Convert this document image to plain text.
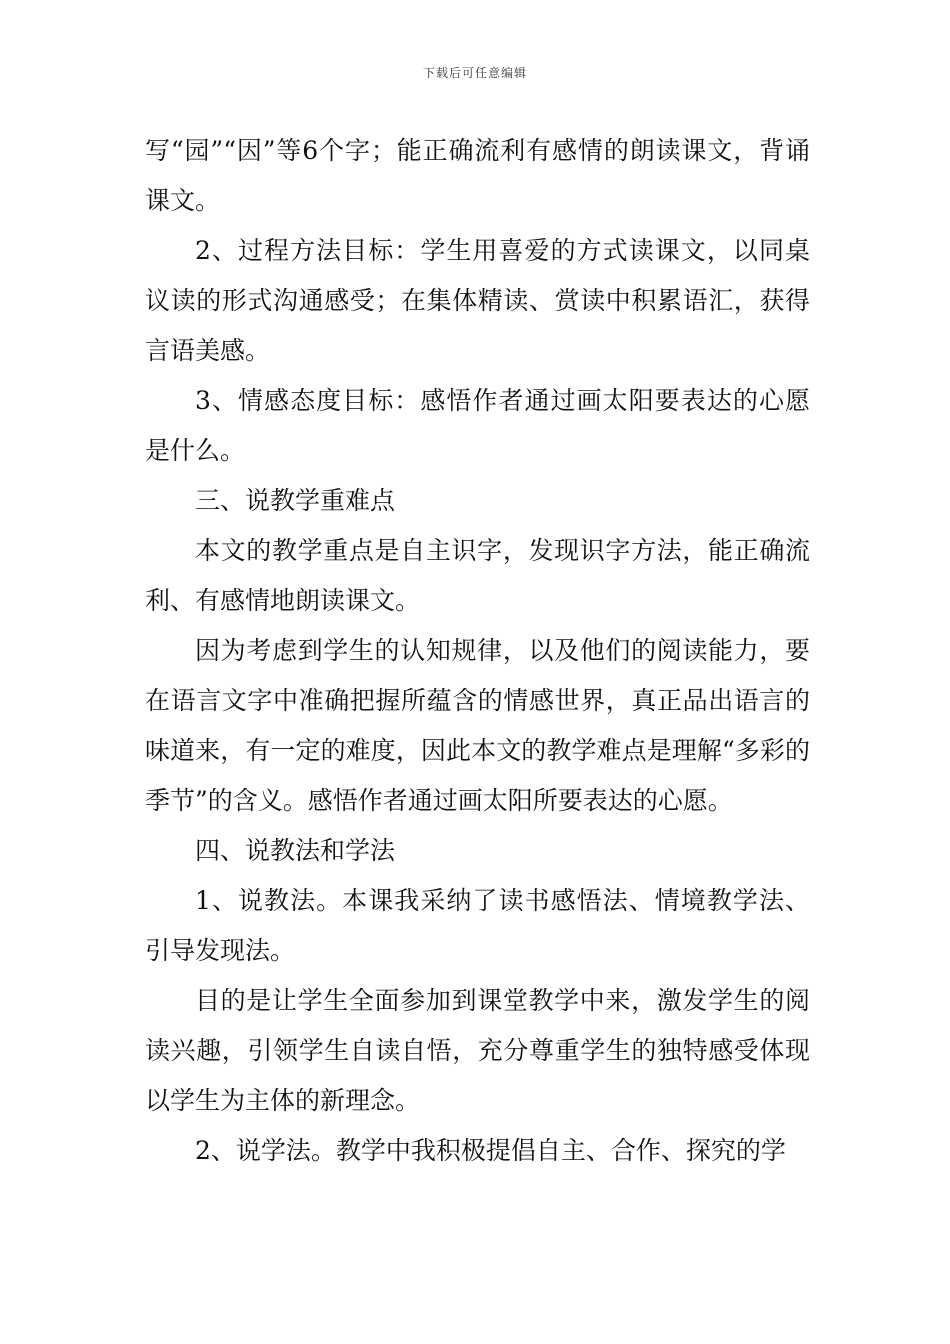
下载后可任意编辑

写“园”“因”等6个字；能正确流利有感情的朗读课文，背诵课文。

2、过程方法目标：学生用喜爱的方式读课文，以同桌议读的形式沟通感受；在集体精读、赏读中积累语汇，获得言语美感。

3、情感态度目标：感悟作者通过画太阳要表达的心愿是什么。

三、说教学重难点

本文的教学重点是自主识字，发现识字方法，能正确流利、有感情地朗读课文。

因为考虑到学生的认知规律，以及他们的阅读能力，要在语言文字中准确把握所蕴含的情感世界，真正品出语言的味道来，有一定的难度，因此本文的教学难点是理解“多彩的季节”的含义。感悟作者通过画太阳所要表达的心愿。

四、说教法和学法

1、说教法。本课我采纳了读书感悟法、情境教学法、引导发现法。

目的是让学生全面参加到课堂教学中来，激发学生的阅读兴趣，引领学生自读自悟，充分尊重学生的独特感受体现以学生为主体的新理念。

2、说学法。教学中我积极提倡自主、合作、探究的学
